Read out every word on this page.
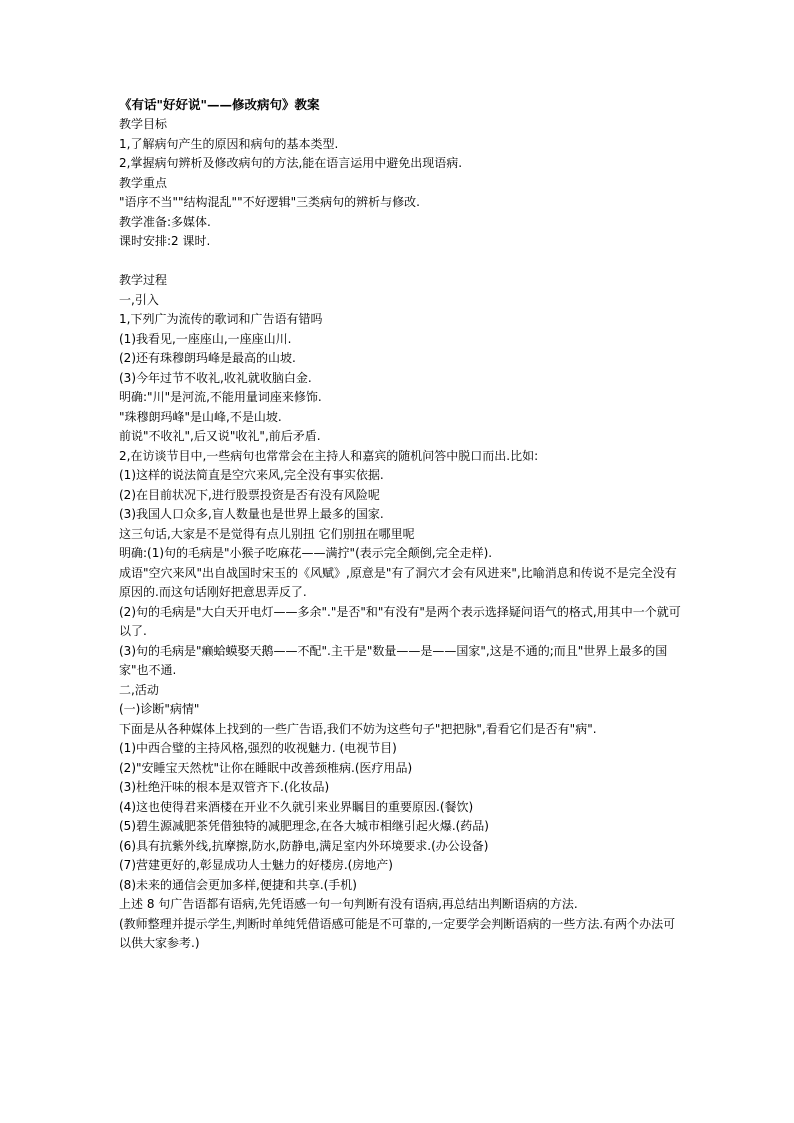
《有话"好好说"——修改病句》教案
教学目标
1,了解病句产生的原因和病句的基本类型.
2,掌握病句辨析及修改病句的方法,能在语言运用中避免出现语病.
教学重点
"语序不当""结构混乱""不好逻辑"三类病句的辨析与修改.
教学准备:多媒体.
课时安排:2 课时.
教学过程
一,引入
1,下列广为流传的歌词和广告语有错吗
(1)我看见,一座座山,一座座山川.
(2)还有珠穆朗玛峰是最高的山坡.
(3)今年过节不收礼,收礼就收脑白金.
明确:"川"是河流,不能用量词座来修饰.
"珠穆朗玛峰"是山峰,不是山坡.
前说"不收礼",后又说"收礼",前后矛盾.
2,在访谈节目中,一些病句也常常会在主持人和嘉宾的随机问答中脱口而出.比如:
(1)这样的说法简直是空穴来风,完全没有事实依据.
(2)在目前状况下,进行股票投资是否有没有风险呢
(3)我国人口众多,盲人数量也是世界上最多的国家.
这三句话,大家是不是觉得有点儿别扭 它们别扭在哪里呢
明确:(1)句的毛病是"小猴子吃麻花——满拧"(表示完全颠倒,完全走样).
成语"空穴来风"出自战国时宋玉的《风赋》,原意是"有了洞穴才会有风进来",比喻消息和传说不是完全没有原因的.而这句话刚好把意思弄反了.
(2)句的毛病是"大白天开电灯——多余"."是否"和"有没有"是两个表示选择疑问语气的格式,用其中一个就可以了.
(3)句的毛病是"癞蛤蟆娶天鹅——不配".主干是"数量——是——国家",这是不通的;而且"世界上最多的国家"也不通.
二,活动
(一)诊断"病情"
下面是从各种媒体上找到的一些广告语,我们不妨为这些句子"把把脉",看看它们是否有"病".
(1)中西合璧的主持风格,强烈的收视魅力. (电视节目)
(2)"安睡宝天然枕"让你在睡眠中改善颈椎病.(医疗用品)
(3)杜绝汗味的根本是双管齐下.(化妆品)
(4)这也使得君来酒楼在开业不久就引来业界瞩目的重要原因.(餐饮)
(5)碧生源减肥茶凭借独特的减肥理念,在各大城市相继引起火爆.(药品)
(6)具有抗紫外线,抗摩擦,防水,防静电,满足室内外环境要求.(办公设备)
(7)营建更好的,彰显成功人士魅力的好楼房.(房地产)
(8)未来的通信会更加多样,便捷和共享.(手机)
上述 8 句广告语都有语病,先凭语感一句一句判断有没有语病,再总结出判断语病的方法.
(教师整理并提示学生,判断时单纯凭借语感可能是不可靠的,一定要学会判断语病的一些方法.有两个办法可以供大家参考.)
